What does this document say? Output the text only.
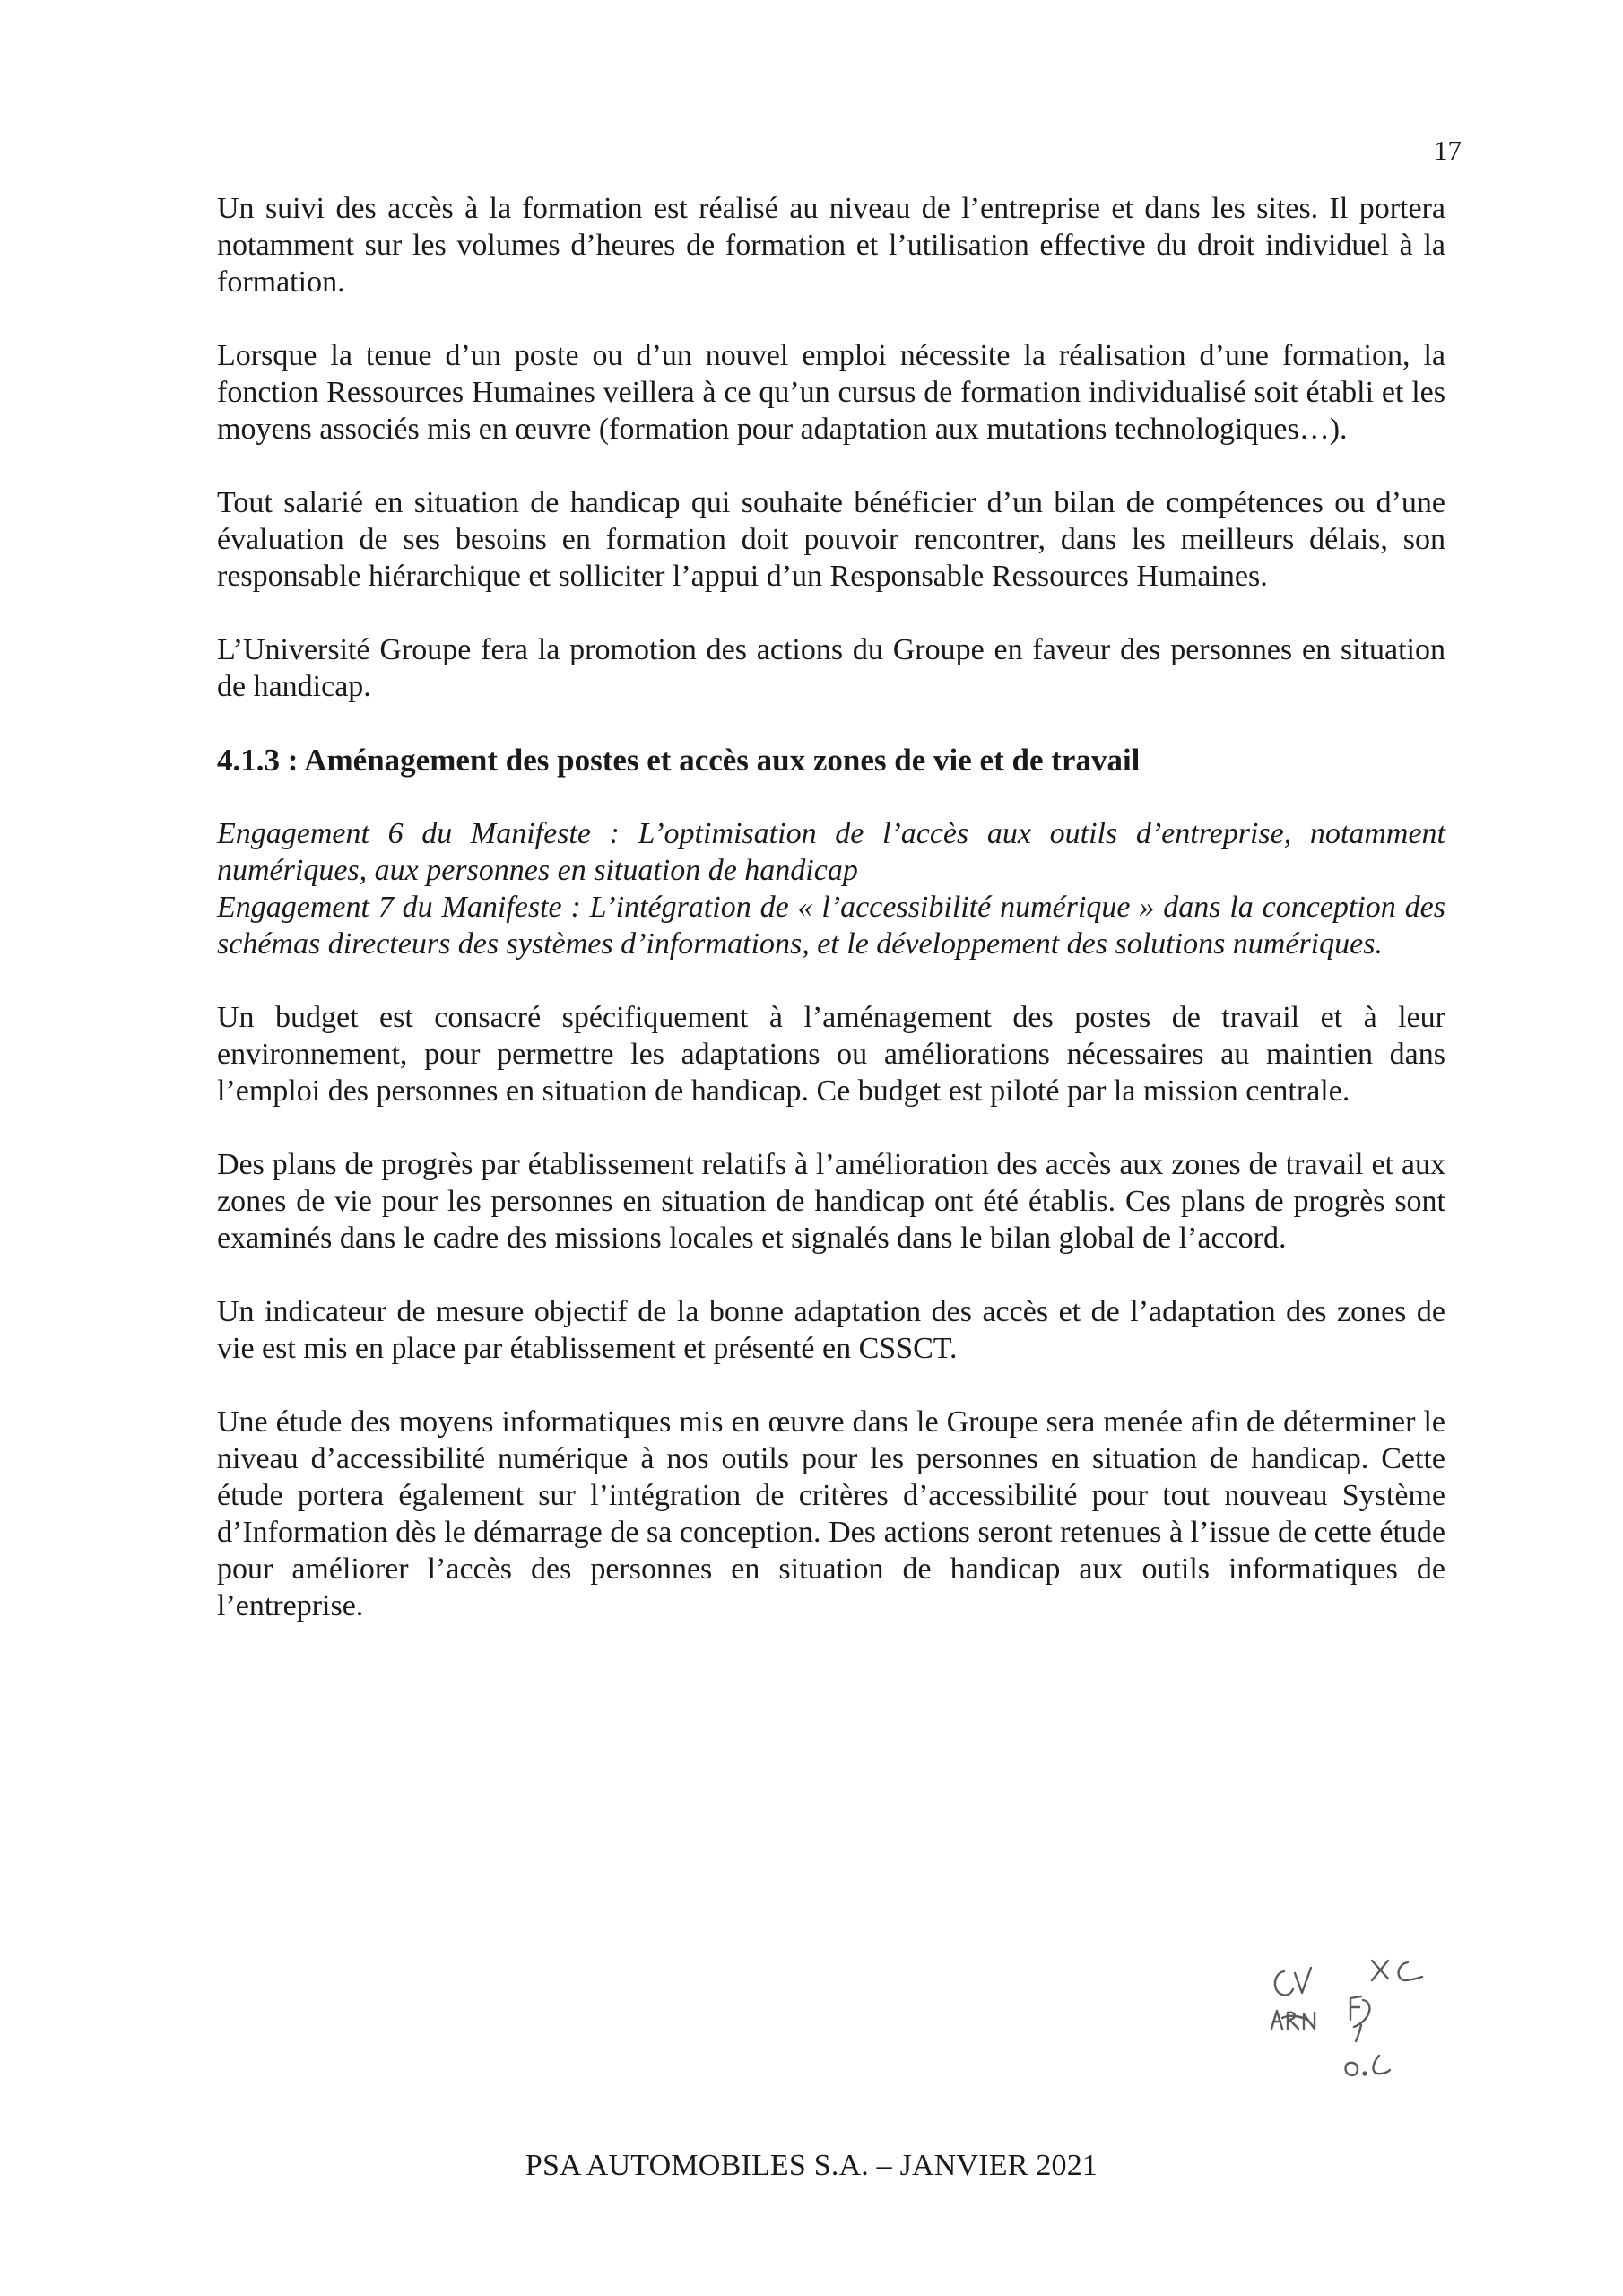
17

Un suivi des accès à la formation est réalisé au niveau de l’entreprise et dans les sites. Il portera notamment sur les volumes d’heures de formation et l’utilisation effective du droit individuel à la formation.

Lorsque la tenue d’un poste ou d’un nouvel emploi nécessite la réalisation d’une formation, la fonction Ressources Humaines veillera à ce qu’un cursus de formation individualisé soit établi et les moyens associés mis en œuvre (formation pour adaptation aux mutations technologiques…).

Tout salarié en situation de handicap qui souhaite bénéficier d’un bilan de compétences ou d’une évaluation de ses besoins en formation doit pouvoir rencontrer, dans les meilleurs délais, son responsable hiérarchique et solliciter l’appui d’un Responsable Ressources Humaines.

L’Université Groupe fera la promotion des actions du Groupe en faveur des personnes en situation de handicap.

4.1.3 : Aménagement des postes et accès aux zones de vie et de travail

Engagement 6 du Manifeste : L’optimisation de l’accès aux outils d’entreprise, notamment numériques, aux personnes en situation de handicap

Engagement 7 du Manifeste : L’intégration de « l’accessibilité numérique » dans la conception des schémas directeurs des systèmes d’informations, et le développement des solutions numériques.

Un budget est consacré spécifiquement à l’aménagement des postes de travail et à leur environnement, pour permettre les adaptations ou améliorations nécessaires au maintien dans l’emploi des personnes en situation de handicap. Ce budget est piloté par la mission centrale.

Des plans de progrès par établissement relatifs à l’amélioration des accès aux zones de travail et aux zones de vie pour les personnes en situation de handicap ont été établis. Ces plans de progrès sont examinés dans le cadre des missions locales et signalés dans le bilan global de l’accord.

Un indicateur de mesure objectif de la bonne adaptation des accès et de l’adaptation des zones de vie est mis en place par établissement et présenté en CSSCT.

Une étude des moyens informatiques mis en œuvre dans le Groupe sera menée afin de déterminer le niveau d’accessibilité numérique à nos outils pour les personnes en situation de handicap. Cette étude portera également sur l’intégration de critères d’accessibilité pour tout nouveau Système d’Information dès le démarrage de sa conception. Des actions seront retenues à l’issue de cette étude pour améliorer l’accès des personnes en situation de handicap aux outils informatiques de l’entreprise.

PSA AUTOMOBILES S.A. – JANVIER 2021
